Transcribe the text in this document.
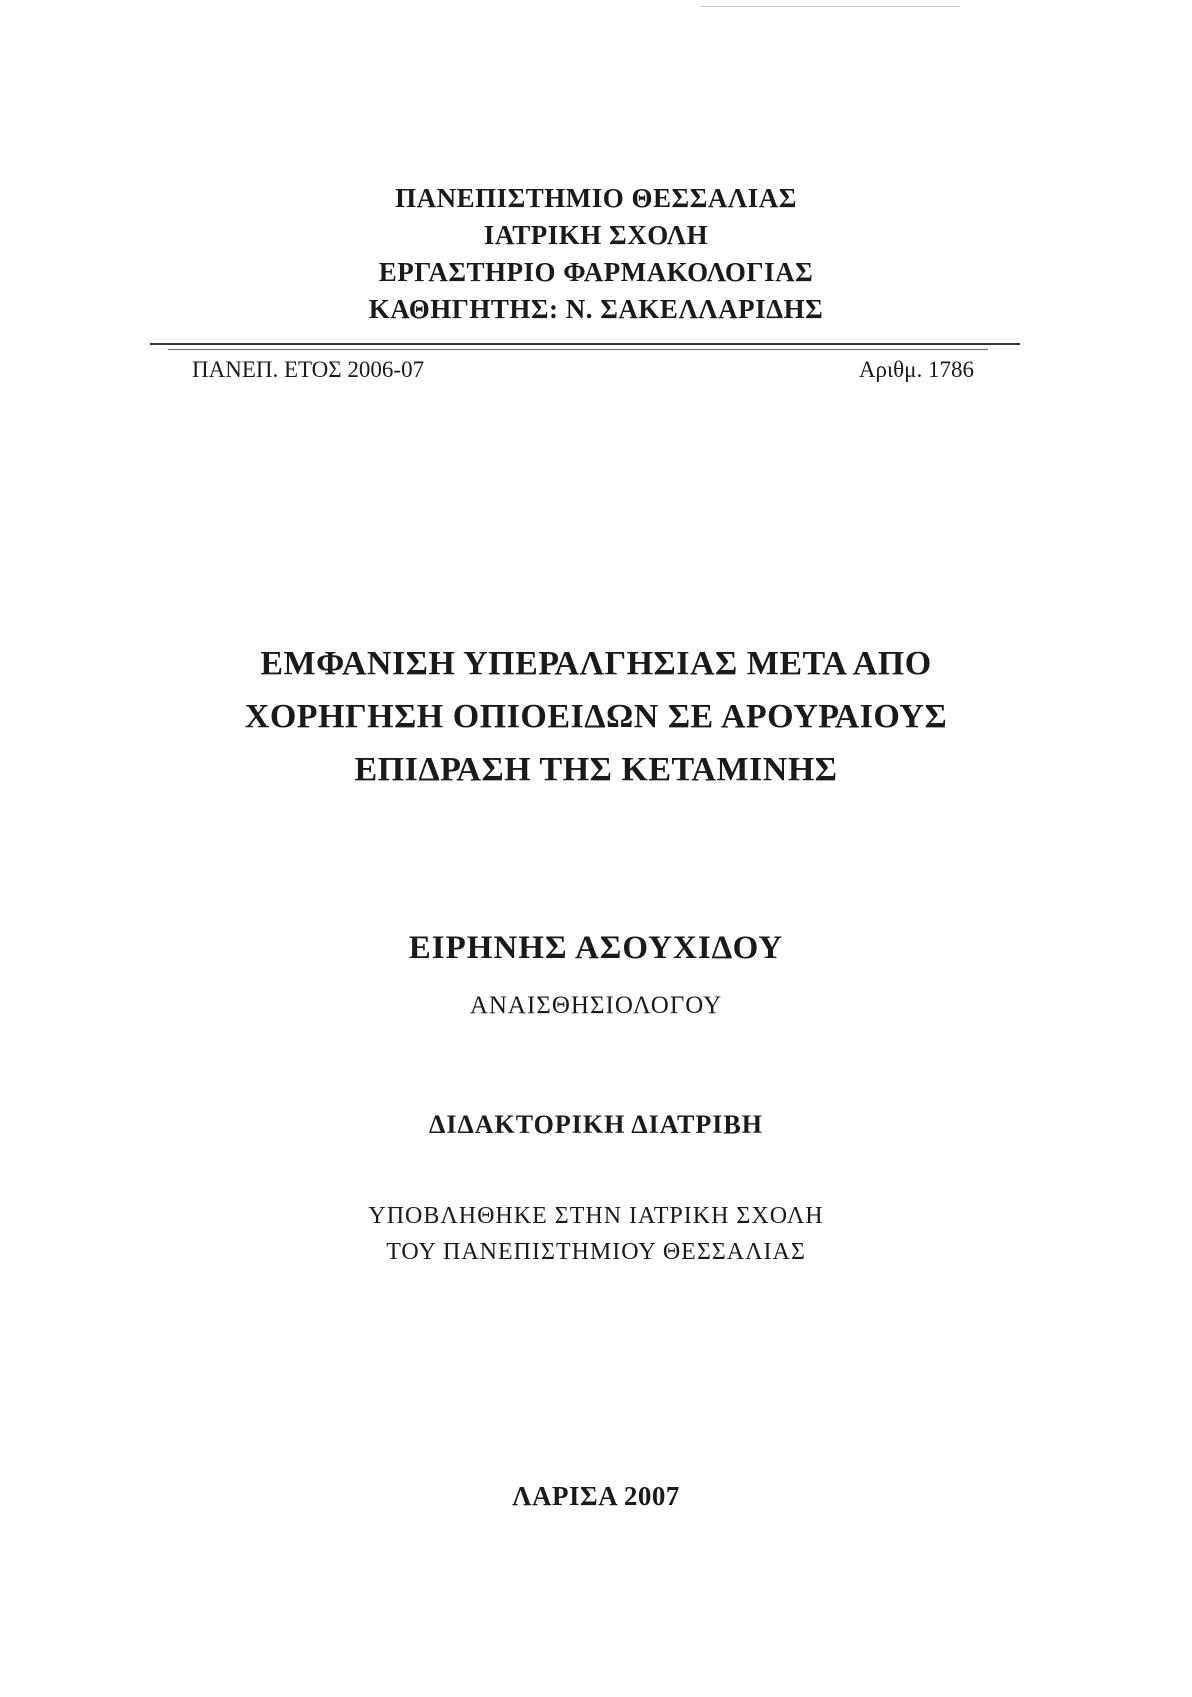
ΠΑΝΕΠΙΣΤΗΜΙΟ ΘΕΣΣΑΛΙΑΣ
ΙΑΤΡΙΚΗ ΣΧΟΛΗ
ΕΡΓΑΣΤΗΡΙΟ ΦΑΡΜΑΚΟΛΟΓΙΑΣ
ΚΑΘΗΓΗΤΗΣ: Ν. ΣΑΚΕΛΛΑΡΙΔΗΣ
ΠΑΝΕΠ. ΕΤΟΣ 2006-07	Αριθμ. 1786
ΕΜΦΑΝΙΣΗ ΥΠΕΡΑΛΓΗΣΙΑΣ ΜΕΤΑ ΑΠΟ
ΧΟΡΗΓΗΣΗ ΟΠΙΟΕΙΔΩΝ ΣΕ ΑΡΟΥΡΑΙΟΥΣ
ΕΠΙΔΡΑΣΗ ΤΗΣ ΚΕΤΑΜΙΝΗΣ
ΕΙΡΗΝΗΣ ΑΣΟΥΧΙΔΟΥ
ΑΝΑΙΣΘΗΣΙΟΛΟΓΟΥ
ΔΙΔΑΚΤΟΡΙΚΗ ΔΙΑΤΡΙΒΗ
ΥΠΟΒΛΗΘΗΚΕ ΣΤΗΝ ΙΑΤΡΙΚΗ ΣΧΟΛΗ
ΤΟΥ ΠΑΝΕΠΙΣΤΗΜΙΟΥ ΘΕΣΣΑΛΙΑΣ
ΛΑΡΙΣΑ 2007
